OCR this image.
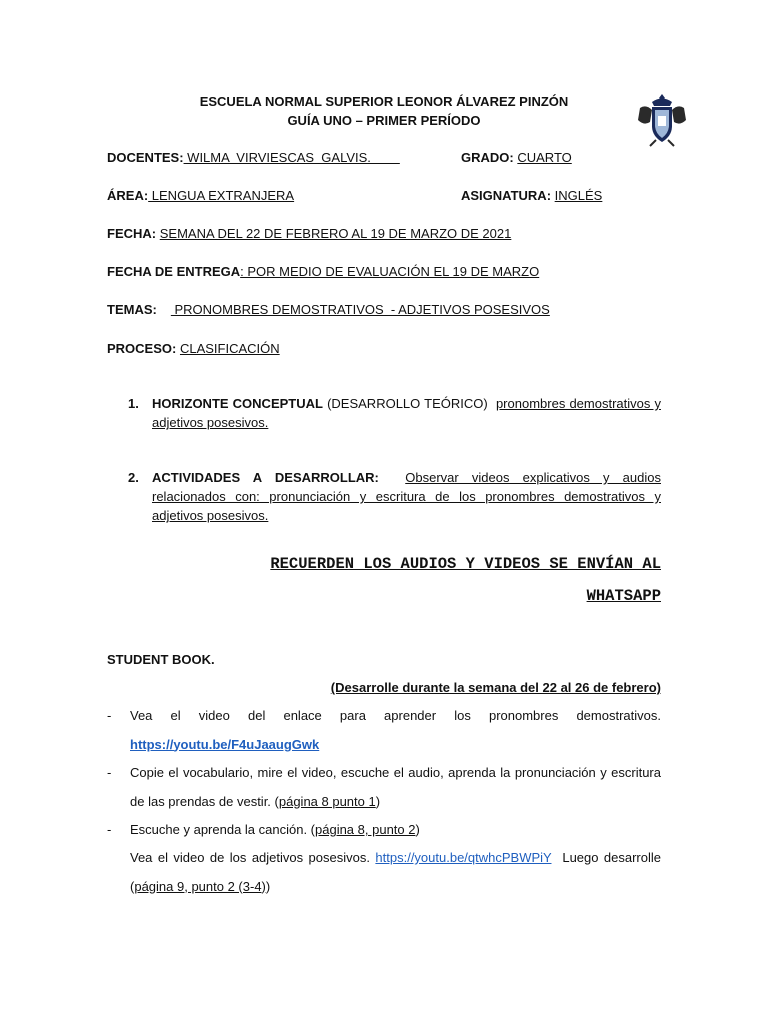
ESCUELA NORMAL SUPERIOR LEONOR ÁLVAREZ PINZÓN
GUÍA UNO – PRIMER PERÍODO
DOCENTES: WILMA  VIRVIESCAS  GALVIS.	GRADO: CUARTO
ÁREA: LENGUA EXTRANJERA	ASIGNATURA: INGLÉS
FECHA: SEMANA DEL 22 DE FEBRERO AL 19 DE MARZO DE 2021
FECHA DE ENTREGA: POR MEDIO DE EVALUACIÓN EL 19 DE MARZO
TEMAS: PRONOMBRES DEMOSTRATIVOS  - ADJETIVOS POSESIVOS
PROCESO: CLASIFICACIÓN
1. HORIZONTE CONCEPTUAL (DESARROLLO TEÓRICO)  pronombres demostrativos y adjetivos posesivos.
2. ACTIVIDADES A DESARROLLAR: Observar videos explicativos y audios relacionados con: pronunciación y escritura de los pronombres demostrativos y adjetivos posesivos.
RECUERDEN LOS AUDIOS Y VIDEOS SE ENVÍAN AL
WHATSAPP
STUDENT BOOK.
(Desarrolle durante la semana del 22 al 26 de febrero)
- Vea el video del enlace para aprender los pronombres demostrativos. https://youtu.be/F4uJaaugGwk
- Copie el vocabulario, mire el video, escuche el audio, aprenda la pronunciación y escritura de las prendas de vestir. (página 8 punto 1)
- Escuche y aprenda la canción. (página 8, punto 2)
Vea el video de los adjetivos posesivos. https://youtu.be/qtwhcPBWPiY  Luego desarrolle (página 9, punto 2 (3-4))
